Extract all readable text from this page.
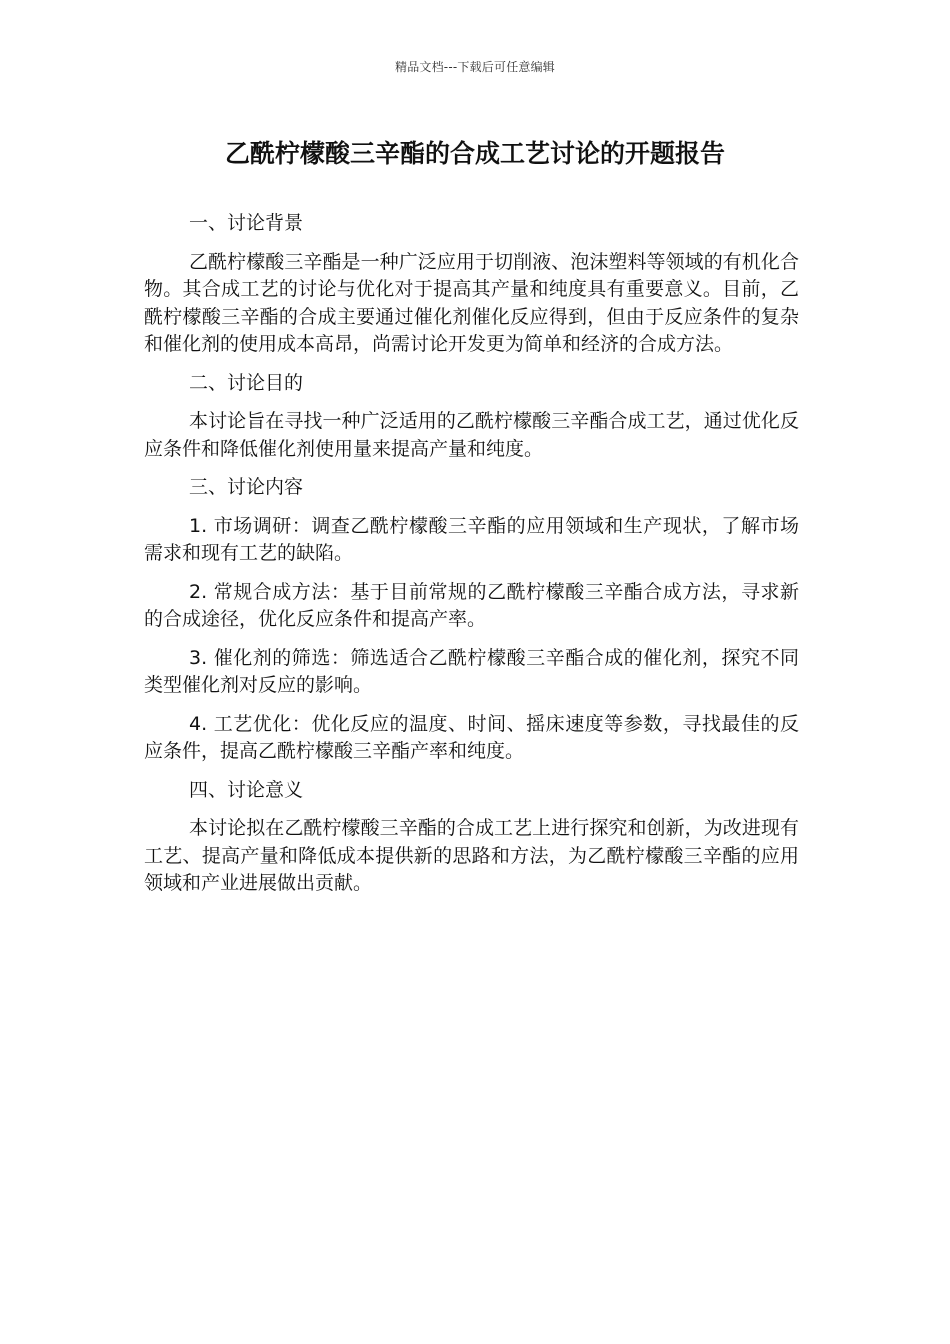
精品文档---下载后可任意编辑
乙酰柠檬酸三辛酯的合成工艺讨论的开题报告

一、讨论背景

乙酰柠檬酸三辛酯是一种广泛应用于切削液、泡沫塑料等领域的有机化合物。其合成工艺的讨论与优化对于提高其产量和纯度具有重要意义。目前，乙酰柠檬酸三辛酯的合成主要通过催化剂催化反应得到，但由于反应条件的复杂和催化剂的使用成本高昂，尚需讨论开发更为简单和经济的合成方法。

二、讨论目的

本讨论旨在寻找一种广泛适用的乙酰柠檬酸三辛酯合成工艺，通过优化反应条件和降低催化剂使用量来提高产量和纯度。

三、讨论内容

1. 市场调研：调查乙酰柠檬酸三辛酯的应用领域和生产现状，了解市场需求和现有工艺的缺陷。

2. 常规合成方法：基于目前常规的乙酰柠檬酸三辛酯合成方法，寻求新的合成途径，优化反应条件和提高产率。

3. 催化剂的筛选：筛选适合乙酰柠檬酸三辛酯合成的催化剂，探究不同类型催化剂对反应的影响。

4. 工艺优化：优化反应的温度、时间、摇床速度等参数，寻找最佳的反应条件，提高乙酰柠檬酸三辛酯产率和纯度。

四、讨论意义

本讨论拟在乙酰柠檬酸三辛酯的合成工艺上进行探究和创新，为改进现有工艺、提高产量和降低成本提供新的思路和方法，为乙酰柠檬酸三辛酯的应用领域和产业进展做出贡献。
